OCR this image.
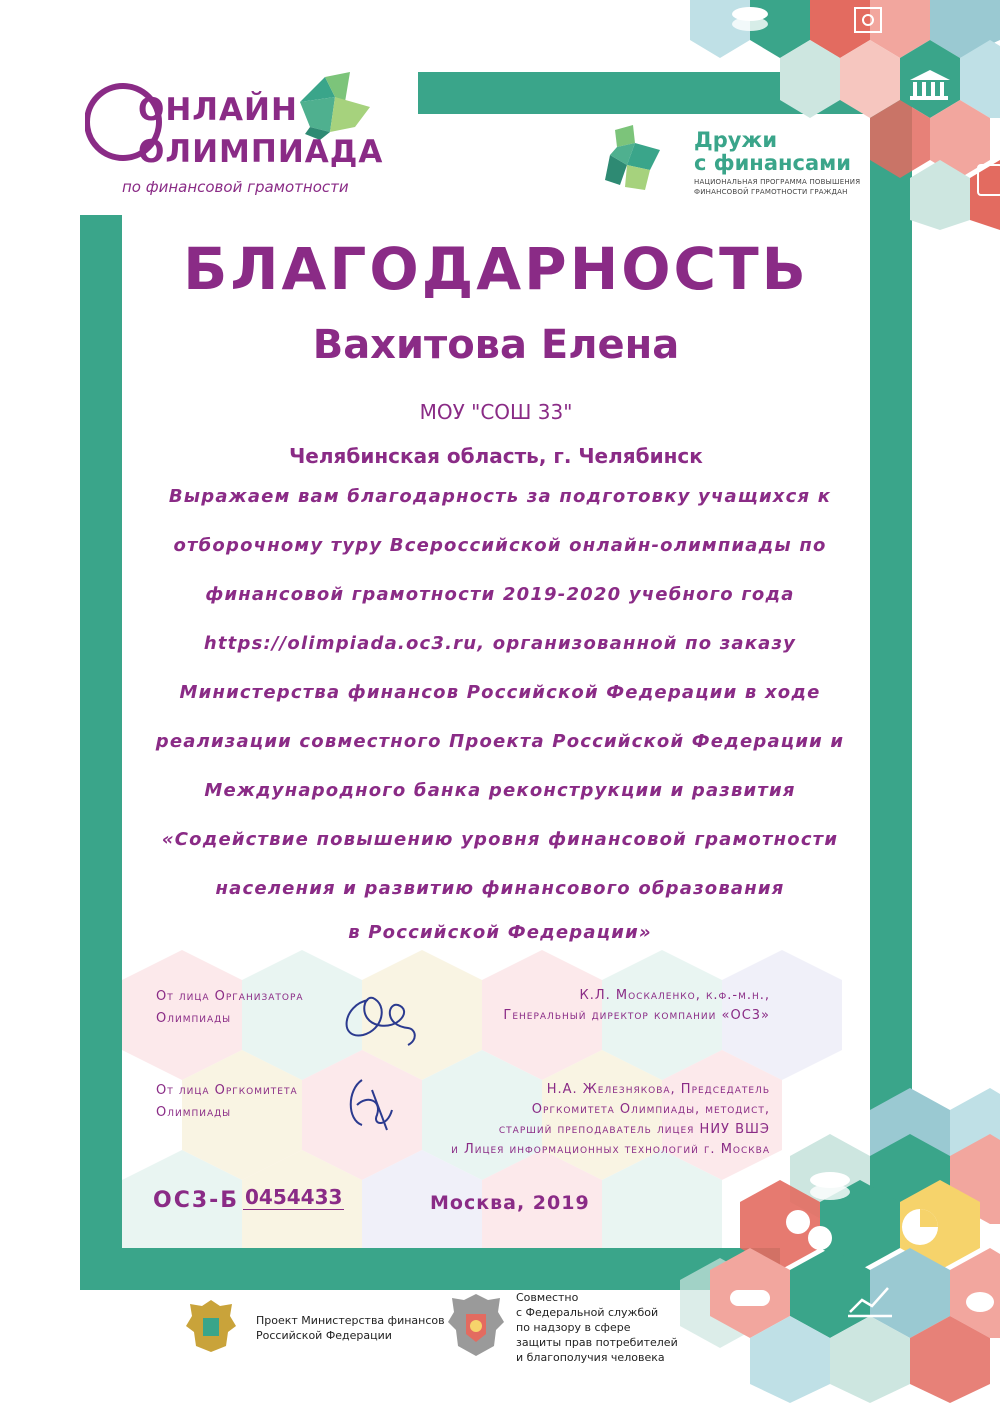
ОНЛАЙН
ОЛИМПИАДА
по финансовой грамотности
Дружи
с финансами
НАЦИОНАЛЬНАЯ ПРОГРАММА ПОВЫШЕНИЯ
ФИНАНСОВОЙ ГРАМОТНОСТИ ГРАЖДАН
БЛАГОДАРНОСТЬ
Вахитова Елена
МОУ "СОШ 33"
Челябинская область, г. Челябинск
Выражаем вам благодарность за подготовку учащихся к
отборочному туру Всероссийской онлайн-олимпиады по
финансовой грамотности 2019-2020 учебного года
https://olimpiada.oc3.ru, организованной по заказу
Министерства финансов Российской Федерации в ходе
реализации совместного Проекта Российской Федерации и
Международного банка реконструкции и развития
«Содействие повышению уровня финансовой грамотности
населения и развитию финансового образования
в Российской Федерации»
От лица Организатора
Олимпиады
К.Л. Москаленко, к.ф.-м.н.,
Генеральный директор компании «ОС3»
От лица Оргкомитета
Олимпиады
Н.А. Железнякова, Председатель
Оргкомитета Олимпиады, методист,
старший преподаватель лицея НИУ ВШЭ
и Лицея информационных технологий г. Москва
ОС3-Б 0454433	Москва, 2019
Проект Министерства финансов
Российской Федерации
Совместно
с Федеральной службой
по надзору в сфере
защиты прав потребителей
и благополучия человека
